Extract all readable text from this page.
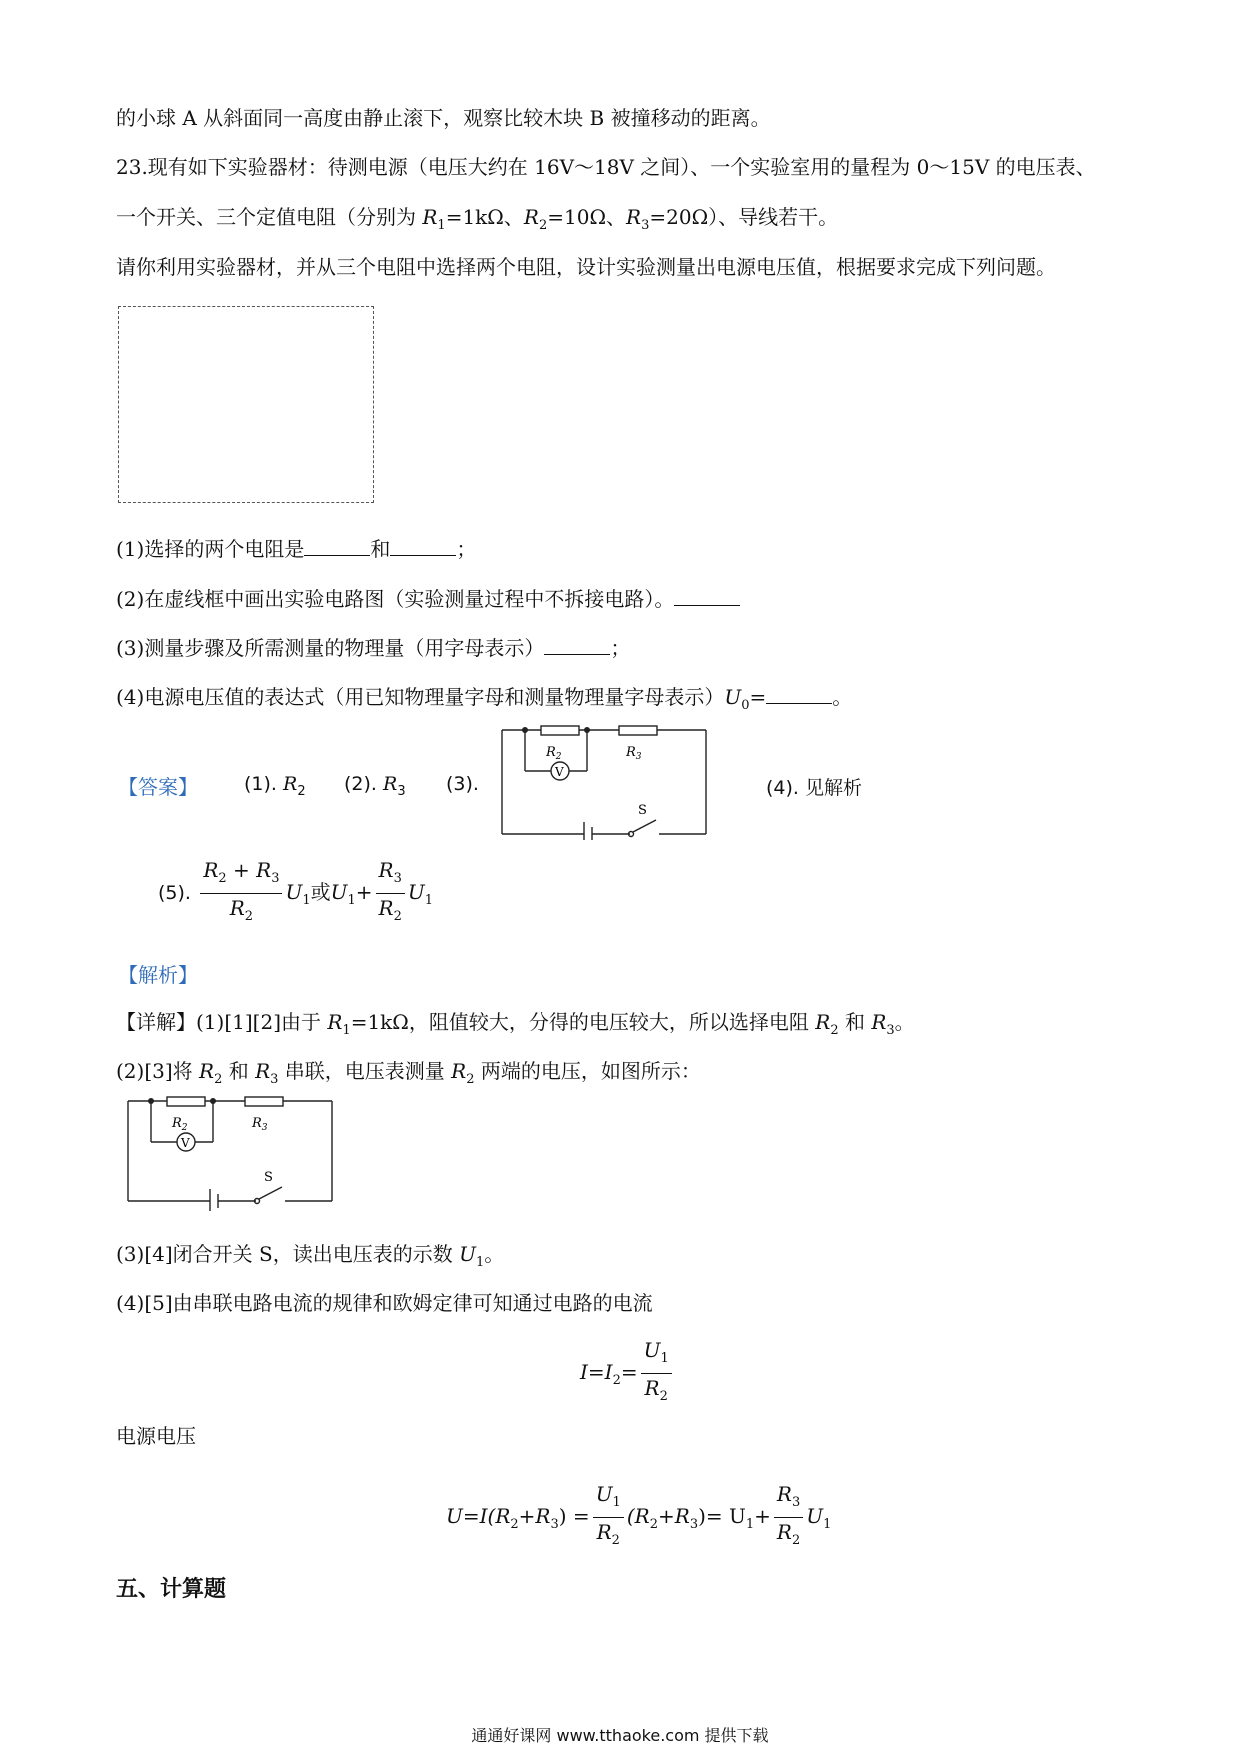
的小球 A 从斜面同一高度由静止滚下，观察比较木块 B 被撞移动的距离。
23.现有如下实验器材：待测电源（电压大约在 16V～18V 之间）、一个实验室用的量程为 0～15V 的电压表、
一个开关、三个定值电阻（分别为 $R_1=1k\Omega$、$R_2=10\Omega$、$R_3=20\Omega$）、导线若干。
请你利用实验器材，并从三个电阻中选择两个电阻，设计实验测量出电源电压值，根据要求完成下列问题。
(1)选择的两个电阻是	和	；
(2)在虚线框中画出实验电路图（实验测量过程中不拆接电路）。
(3)测量步骤及所需测量的物理量（用字母表示）	；
(4)电源电压值的表达式（用已知物理量字母和测量物理量字母表示）$U_0=$	。
【答案】 (1). $R_2$ (2). $R_3$ (3).
$R_2$	$R_3$
V
S
(4). 见解析
(5). $\frac{R_2 + R_3}{R_2} U_1$或$U_1+ \frac{R_3}{R_2} U_1$
【解析】
【详解】(1)[1][2]由于 $R_1=1k\Omega$，阻值较大，分得的电压较大，所以选择电阻 $R_2$ 和 $R_3$。
(2)[3]将 $R_2$ 和 $R_3$ 串联，电压表测量 $R_2$ 两端的电压，如图所示：
$R_2$	$R_3$
V
S
(3)[4]闭合开关 S，读出电压表的示数 $U_1$。
(4)[5]由串联电路电流的规律和欧姆定律可知通过电路的电流
$I=I_2= \frac{U_1}{R_2}$
电源电压
$U=I(R_2+R_3) = \frac{U_1}{R_2} (R_2+R_3)= U_1+ \frac{R_3}{R_2} U_1$
五、计算题
通通好课网 www.tthaoke.com 提供下载
